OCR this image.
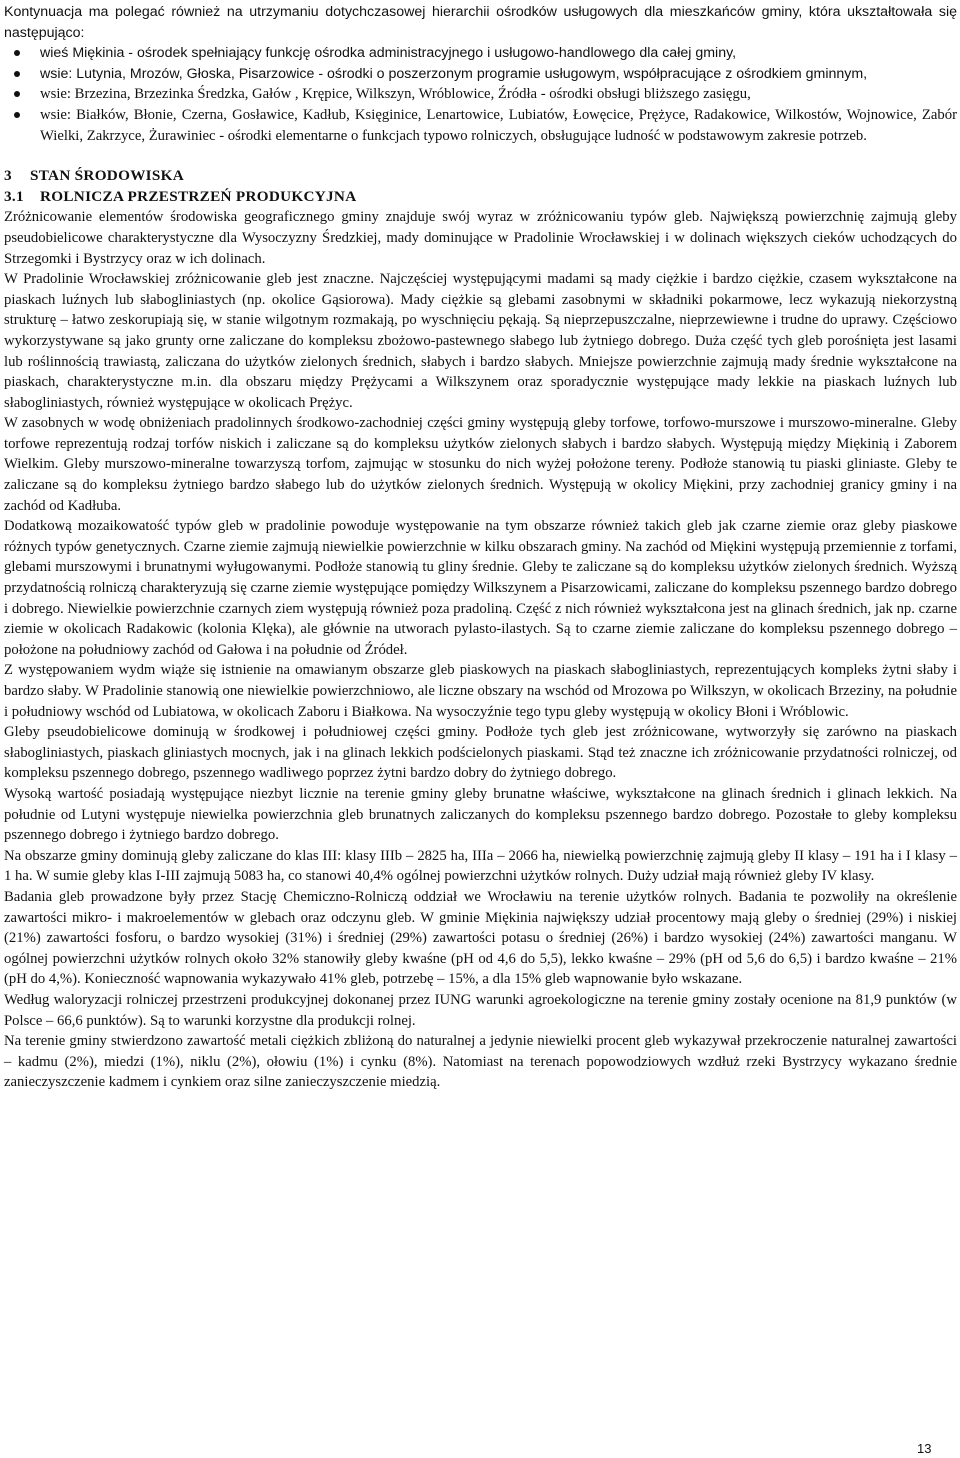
Kontynuacja ma polegać również na utrzymaniu dotychczasowej hierarchii ośrodków usługowych dla mieszkańców gminy, która ukształtowała się następująco:

wieś Miękinia - ośrodek spełniający funkcję ośrodka administracyjnego i usługowo-handlowego dla całej gminy,
wsie: Lutynia, Mrozów, Głoska, Pisarzowice - ośrodki o poszerzonym programie usługowym, współpracujące z ośrodkiem gminnym,
wsie: Brzezina, Brzezinka Średzka, Gałów , Krępice, Wilkszyn, Wróblowice, Źródła - ośrodki obsługi bliższego zasięgu,
wsie: Białków, Błonie, Czerna, Gosławice, Kadłub, Księginice, Lenartowice, Lubiatów, Łowęcice, Prężyce, Radakowice, Wilkostów, Wojnowice, Zabór Wielki, Zakrzyce, Żurawiniec - ośrodki elementarne o funkcjach typowo rolniczych, obsługujące ludność w podstawowym zakresie potrzeb.
3 STAN ŚRODOWISKA
3.1 ROLNICZA PRZESTRZEŃ PRODUKCYJNA

Zróżnicowanie elementów środowiska geograficznego gminy znajduje swój wyraz w zróżnicowaniu typów gleb. Największą powierzchnię zajmują gleby pseudobielicowe charakterystyczne dla Wysoczyzny Średzkiej, mady dominujące w Pradolinie Wrocławskiej i w dolinach większych cieków uchodzących do Strzegomki i Bystrzycy oraz w ich dolinach.

W Pradolinie Wrocławskiej zróżnicowanie gleb jest znaczne. Najczęściej występującymi madami są mady ciężkie i bardzo ciężkie, czasem wykształcone na piaskach luźnych lub słabogliniastych (np. okolice Gąsiorowa). Mady ciężkie są glebami zasobnymi w składniki pokarmowe, lecz wykazują niekorzystną strukturę – łatwo zeskorupiają się, w stanie wilgotnym rozmakają, po wyschnięciu pękają. Są nieprzepuszczalne, nieprzewiewne i trudne do uprawy. Częściowo wykorzystywane są jako grunty orne zaliczane do kompleksu zbożowo-pastewnego słabego lub żytniego dobrego. Duża część tych gleb porośnięta jest lasami lub roślinnością trawiastą, zaliczana do użytków zielonych średnich, słabych i bardzo słabych. Mniejsze powierzchnie zajmują mady średnie wykształcone na piaskach, charakterystyczne m.in. dla obszaru między Prężycami a Wilkszynem oraz sporadycznie występujące mady lekkie na piaskach luźnych lub słabogliniastych, również występujące w okolicach Prężyc.

W zasobnych w wodę obniżeniach pradolinnych środkowo-zachodniej części gminy występują gleby torfowe, torfowo-murszowe i murszowo-mineralne. Gleby torfowe reprezentują rodzaj torfów niskich i zaliczane są do kompleksu użytków zielonych słabych i bardzo słabych. Występują między Miękinią i Zaborem Wielkim. Gleby murszowo-mineralne towarzyszą torfom, zajmując w stosunku do nich wyżej położone tereny. Podłoże stanowią tu piaski gliniaste. Gleby te zaliczane są do kompleksu żytniego bardzo słabego lub do użytków zielonych średnich. Występują w okolicy Miękini, przy zachodniej granicy gminy i na zachód od Kadłuba.

Dodatkową mozaikowatość typów gleb w pradolinie powoduje występowanie na tym obszarze również takich gleb jak czarne ziemie oraz gleby piaskowe różnych typów genetycznych. Czarne ziemie zajmują niewielkie powierzchnie w kilku obszarach gminy. Na zachód od Miękini występują przemiennie z torfami, glebami murszowymi i brunatnymi wyługowanymi. Podłoże stanowią tu gliny średnie. Gleby te zaliczane są do kompleksu użytków zielonych średnich. Wyższą przydatnością rolniczą charakteryzują się czarne ziemie występujące pomiędzy Wilkszynem a Pisarzowicami, zaliczane do kompleksu pszennego bardzo dobrego i dobrego. Niewielkie powierzchnie czarnych ziem występują również poza pradoliną. Część z nich również wykształcona jest na glinach średnich, jak np. czarne ziemie w okolicach Radakowic (kolonia Klęka), ale głównie na utworach pylasto-ilastych. Są to czarne ziemie zaliczane do kompleksu pszennego dobrego – położone na południowy zachód od Gałowa i na południe od Źródeł.

Z występowaniem wydm wiąże się istnienie na omawianym obszarze gleb piaskowych na piaskach słabogliniastych, reprezentujących kompleks żytni słaby i bardzo słaby. W Pradolinie stanowią one niewielkie powierzchniowo, ale liczne obszary na wschód od Mrozowa po Wilkszyn, w okolicach Brzeziny, na południe i południowy wschód od Lubiatowa, w okolicach Zaboru i Białkowa. Na wysoczyźnie tego typu gleby występują w okolicy Błoni i Wróblowic.

Gleby pseudobielicowe dominują w środkowej i południowej części gminy. Podłoże tych gleb jest zróżnicowane, wytworzyły się zarówno na piaskach słabogliniastych, piaskach gliniastych mocnych, jak i na glinach lekkich podścielonych piaskami. Stąd też znaczne ich zróżnicowanie przydatności rolniczej, od kompleksu pszennego dobrego, pszennego wadliwego poprzez żytni bardzo dobry do żytniego dobrego.

Wysoką wartość posiadają występujące niezbyt licznie na terenie gminy gleby brunatne właściwe, wykształcone na glinach średnich i glinach lekkich. Na południe od Lutyni występuje niewielka powierzchnia gleb brunatnych zaliczanych do kompleksu pszennego bardzo dobrego. Pozostałe to gleby kompleksu pszennego dobrego i żytniego bardzo dobrego.

Na obszarze gminy dominują gleby zaliczane do klas III: klasy IIIb – 2825 ha, IIIa – 2066 ha, niewielką powierzchnię zajmują gleby II klasy – 191 ha i I klasy – 1 ha. W sumie gleby klas I-III zajmują 5083 ha, co stanowi 40,4% ogólnej powierzchni użytków rolnych. Duży udział mają również gleby IV klasy.

Badania gleb prowadzone były przez Stację Chemiczno-Rolniczą oddział we Wrocławiu na terenie użytków rolnych. Badania te pozwoliły na określenie zawartości mikro- i makroelementów w glebach oraz odczynu gleb. W gminie Miękinia największy udział procentowy mają gleby o średniej (29%) i niskiej (21%) zawartości fosforu, o bardzo wysokiej (31%) i średniej (29%) zawartości potasu o średniej (26%) i bardzo wysokiej (24%) zawartości manganu. W ogólnej powierzchni użytków rolnych około 32% stanowiły gleby kwaśne (pH od 4,6 do 5,5), lekko kwaśne – 29% (pH od 5,6 do 6,5) i bardzo kwaśne – 21% (pH do 4,%). Konieczność wapnowania wykazywało 41% gleb, potrzebę – 15%, a dla 15% gleb wapnowanie było wskazane.

Według waloryzacji rolniczej przestrzeni produkcyjnej dokonanej przez IUNG warunki agroekologiczne na terenie gminy zostały ocenione na 81,9 punktów (w Polsce – 66,6 punktów). Są to warunki korzystne dla produkcji rolnej.

Na terenie gminy stwierdzono zawartość metali ciężkich zbliżoną do naturalnej a jedynie niewielki procent gleb wykazywał przekroczenie naturalnej zawartości – kadmu (2%), miedzi (1%), niklu (2%), ołowiu (1%) i cynku (8%). Natomiast na terenach popowodziowych wzdłuż rzeki Bystrzycy wykazano średnie zanieczyszczenie kadmem i cynkiem oraz silne zanieczyszczenie miedzią.

13
